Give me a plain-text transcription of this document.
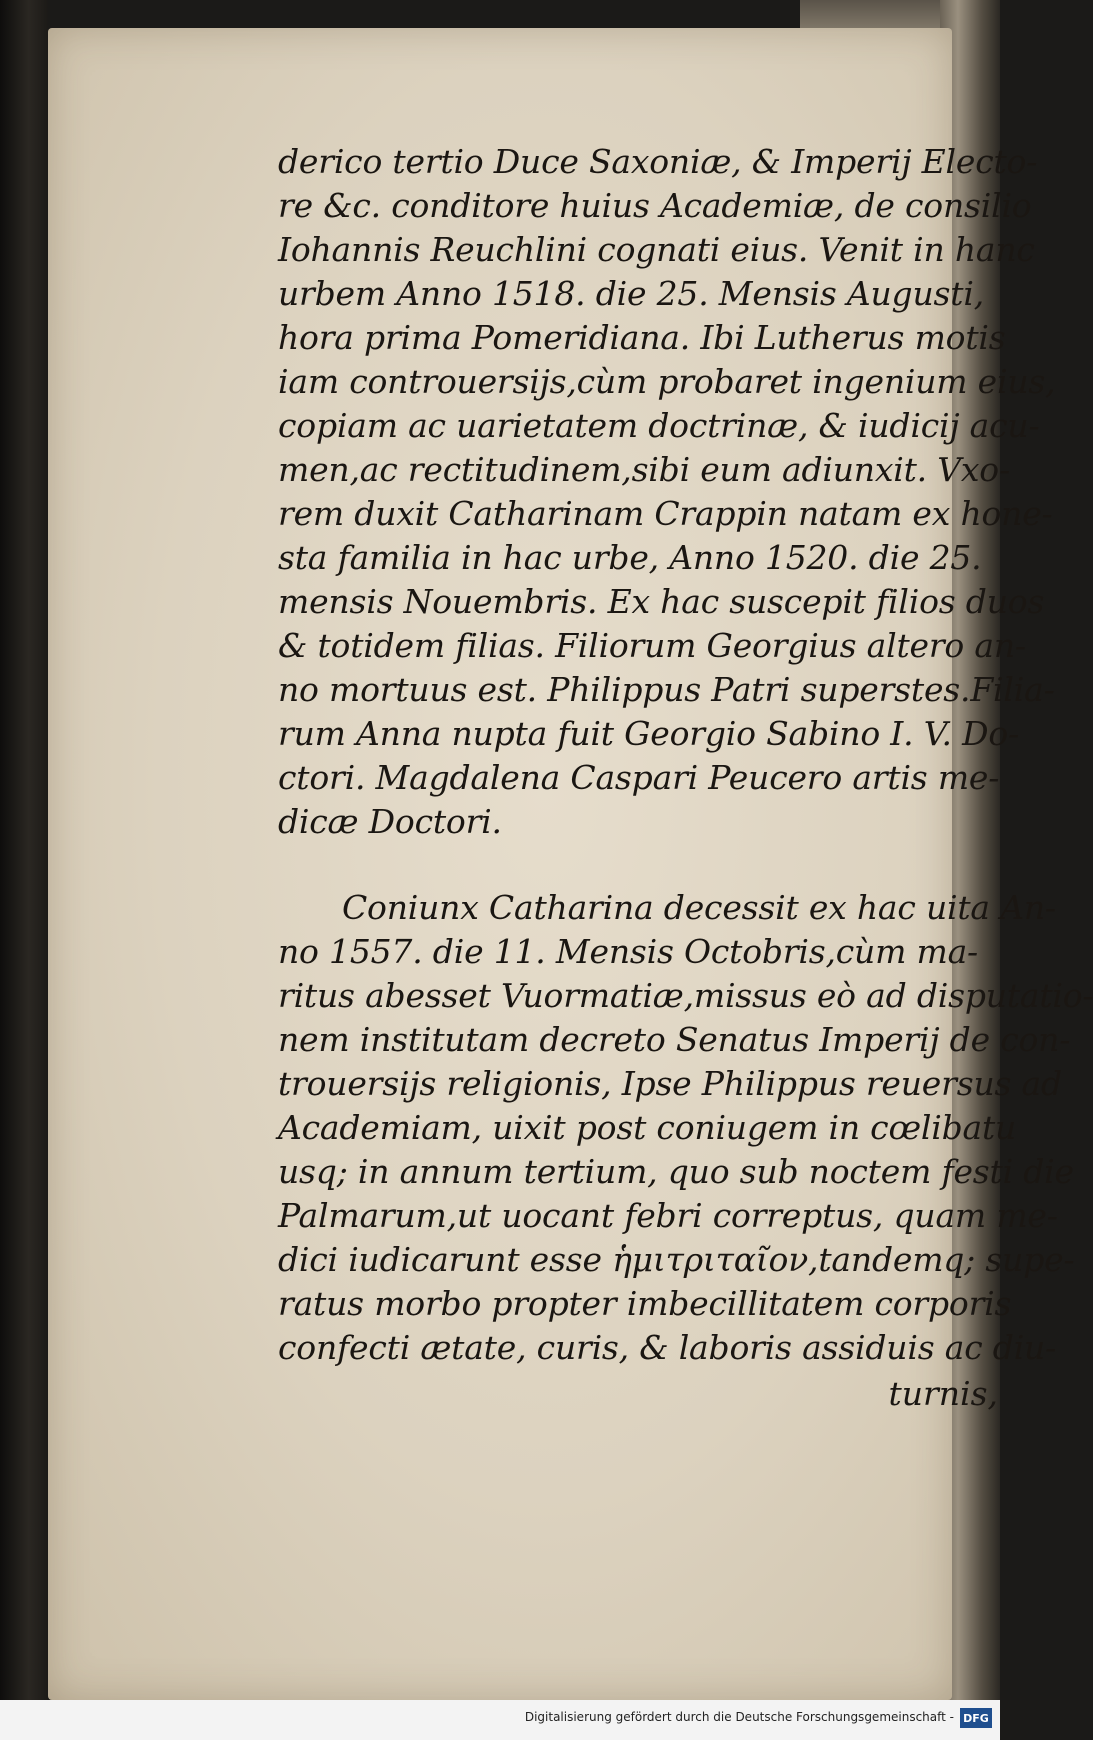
derico tertio Duce Saxoniæ, & Imperij Electo-
re &c. conditore huius Academiæ, de consilio
Iohannis Reuchlini cognati eius. Venit in hanc
urbem Anno 1518. die 25. Mensis Augusti,
hora prima Pomeridiana. Ibi Lutherus motis
iam controuersijs,cùm probaret ingenium eius,
copiam ac uarietatem doctrinæ, & iudicij acu-
men,ac rectitudinem,sibi eum adiunxit. Vxo-
rem duxit Catharinam Crappin natam ex hone-
sta familia in hac urbe, Anno 1520. die 25.
mensis Nouembris. Ex hac suscepit filios duos
& totidem filias. Filiorum Georgius altero an-
no mortuus est. Philippus Patri superstes.Filia-
rum Anna nupta fuit Georgio Sabino I. V. Do-
ctori. Magdalena Caspari Peucero artis me-
dicæ Doctori.
Coniunx Catharina decessit ex hac uita An-
no 1557. die 11. Mensis Octobris,cùm ma-
ritus abesset Vuormatiæ,missus eò ad disputatio-
nem institutam decreto Senatus Imperij de con-
trouersijs religionis, Ipse Philippus reuersus ad
Academiam, uixit post coniugem in cœlibatu
usq; in annum tertium, quo sub noctem festi die
Palmarum,ut uocant febri correptus, quam me-
dici iudicarunt esse ἡμιτριταῖον,tandemq; supe-
ratus morbo propter imbecillitatem corporis
confecti ætate, curis, & laboris assiduis ac diu-
turnis,
Digitalisierung gefördert durch die Deutsche Forschungsgemeinschaft - DFG
